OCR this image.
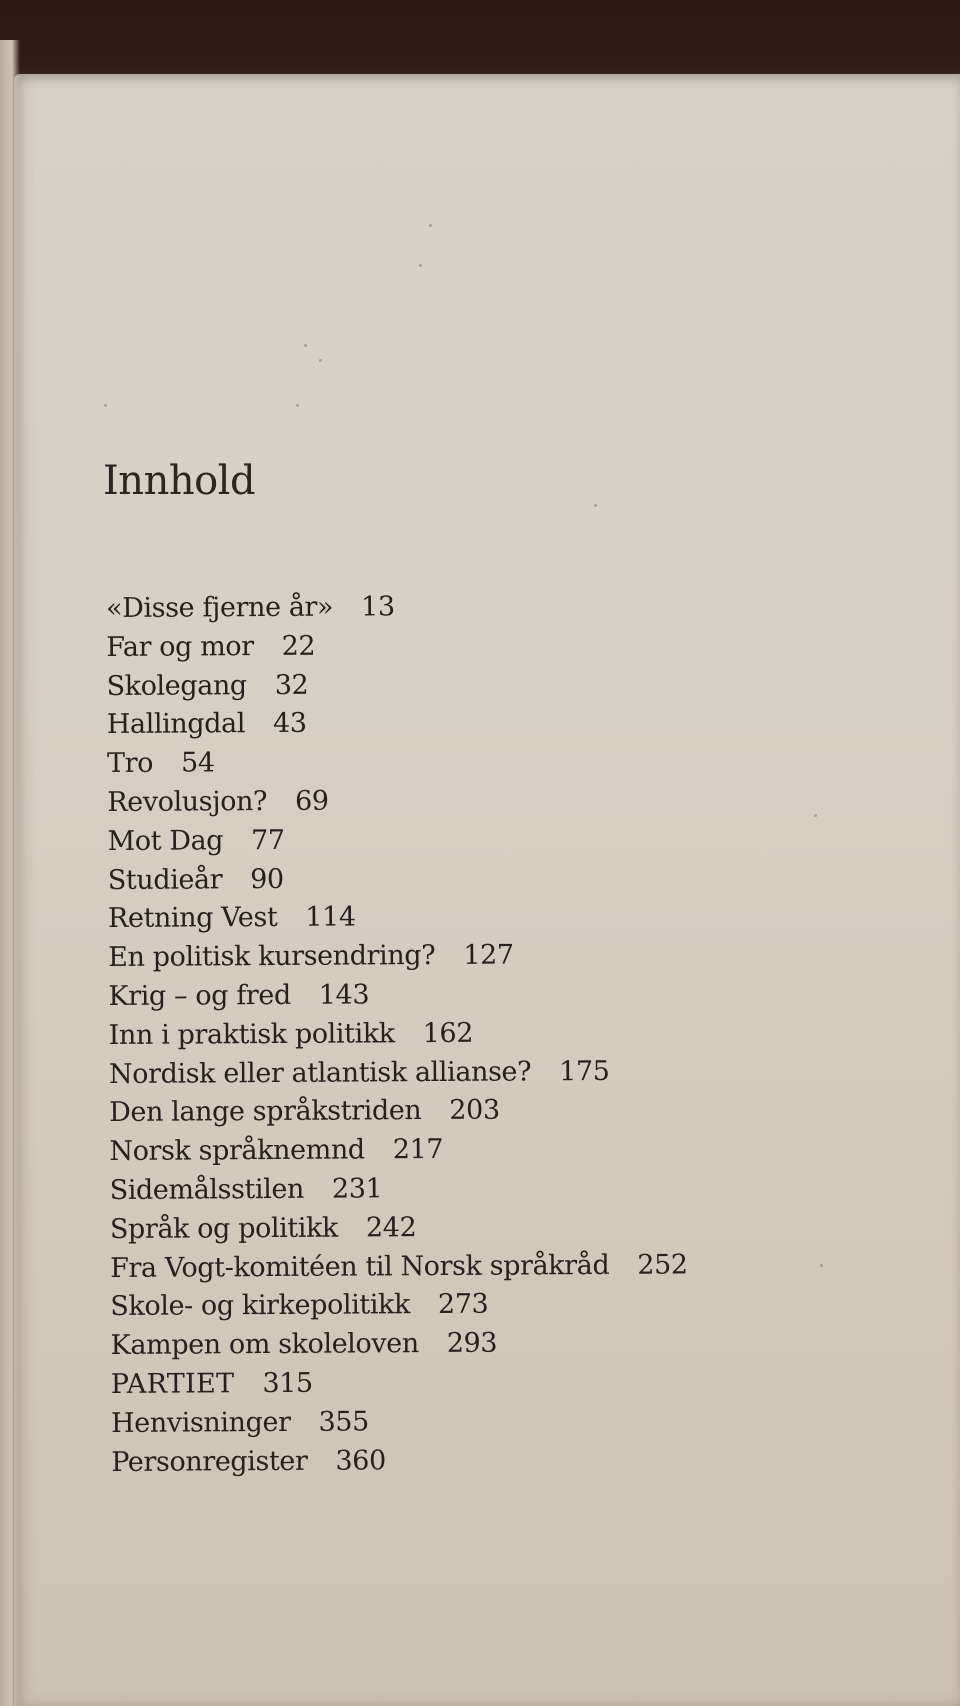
Innhold
«Disse fjerne år» 13
Far og mor 22
Skolegang 32
Hallingdal 43
Tro 54
Revolusjon? 69
Mot Dag 77
Studieår 90
Retning Vest 114
En politisk kursendring? 127
Krig – og fred 143
Inn i praktisk politikk 162
Nordisk eller atlantisk allianse? 175
Den lange språkstriden 203
Norsk språknemnd 217
Sidemålsstilen 231
Språk og politikk 242
Fra Vogt-komitéen til Norsk språkråd 252
Skole- og kirkepolitikk 273
Kampen om skoleloven 293
PARTIET 315
Henvisninger 355
Personregister 360
